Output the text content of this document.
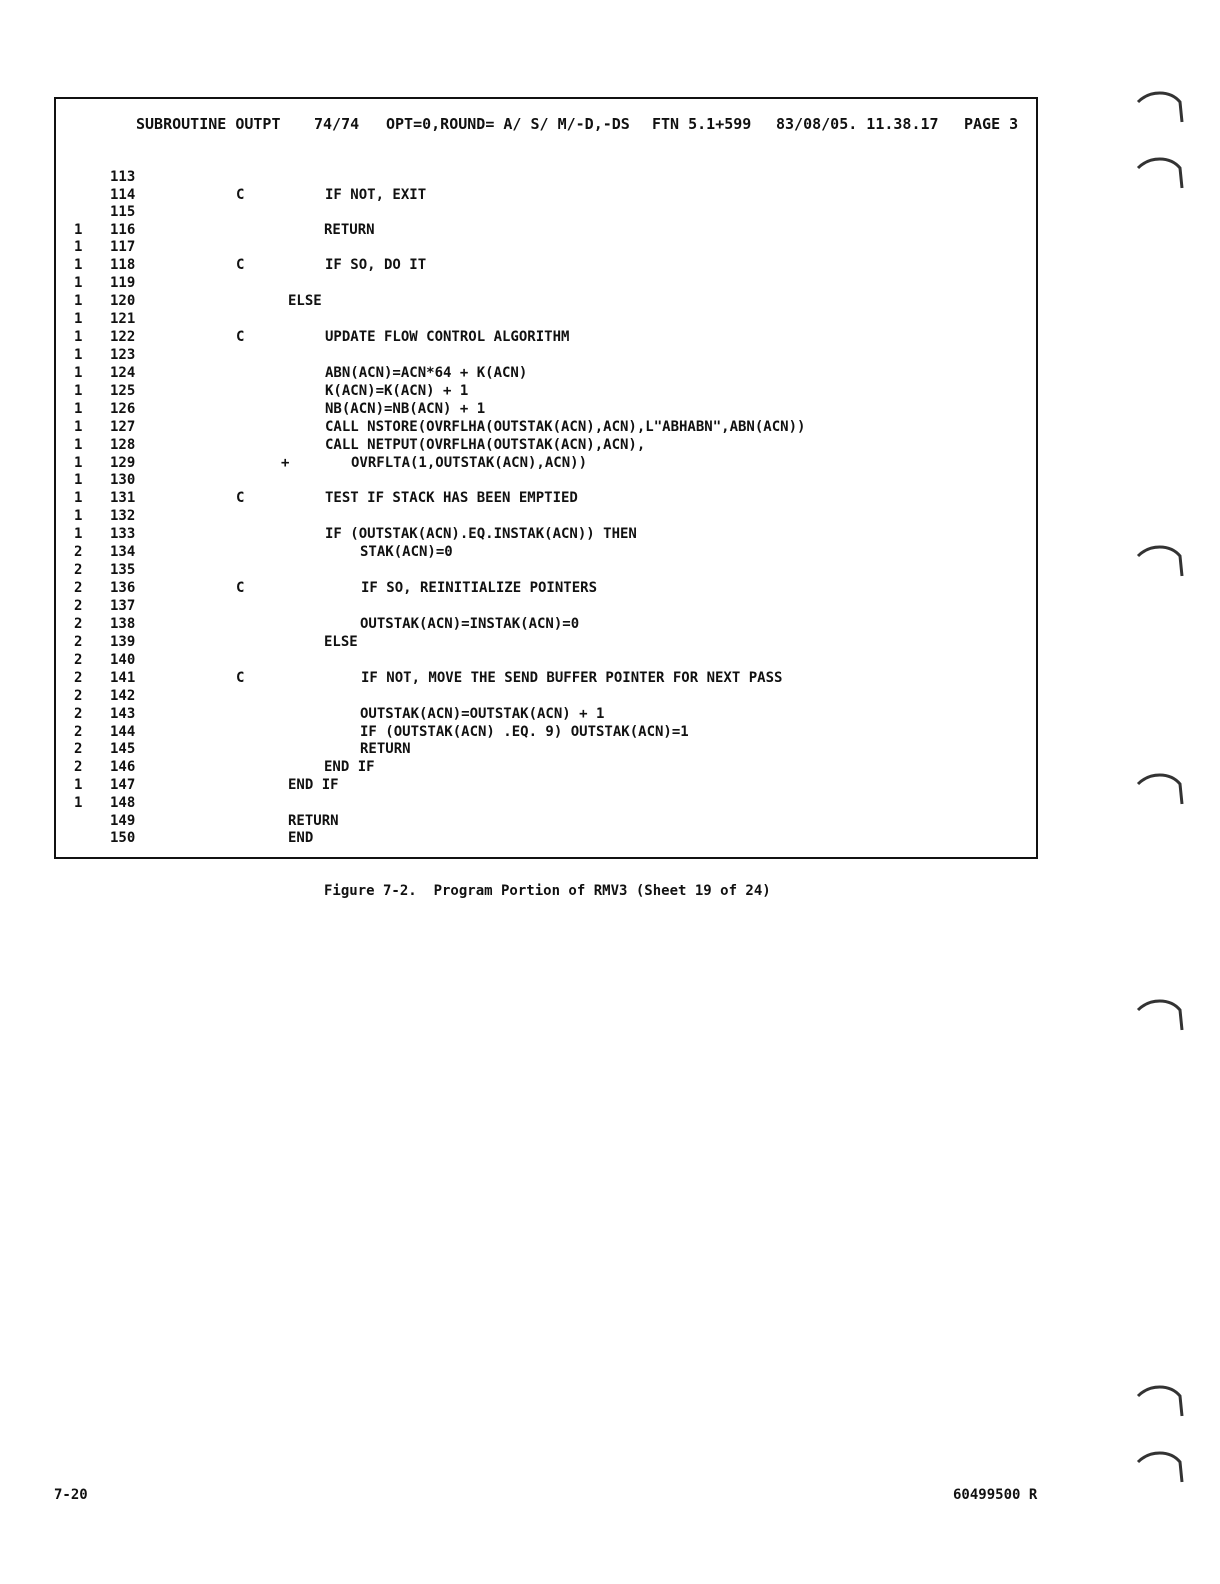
SUBROUTINE OUTPT 74/74 OPT=0,ROUND= A/ S/ M/-D,-DS FTN 5.1+599 83/08/05. 11.38.17 PAGE 3
113
114	C	IF NOT, EXIT
115
1 116	RETURN
1 117
1 118	C	IF SO, DO IT
1 119
1 120	ELSE
1 121
1 122	C	UPDATE FLOW CONTROL ALGORITHM
1 123
1 124	ABN(ACN)=ACN*64 + K(ACN)
1 125	K(ACN)=K(ACN) + 1
1 126	NB(ACN)=NB(ACN) + 1
1 127	CALL NSTORE(OVRFLHA(OUTSTAK(ACN),ACN),L"ABHABN",ABN(ACN))
1 128	CALL NETPUT(OVRFLHA(OUTSTAK(ACN),ACN),
1 129	+	OVRFLTA(1,OUTSTAK(ACN),ACN))
1 130
1 131	C	TEST IF STACK HAS BEEN EMPTIED
1 132
1 133	IF (OUTSTAK(ACN).EQ.INSTAK(ACN)) THEN
2 134	STAK(ACN)=0
2 135
2 136	C	IF SO, REINITIALIZE POINTERS
2 137
2 138	OUTSTAK(ACN)=INSTAK(ACN)=0
2 139	ELSE
2 140
2 141	C	IF NOT, MOVE THE SEND BUFFER POINTER FOR NEXT PASS
2 142
2 143	OUTSTAK(ACN)=OUTSTAK(ACN) + 1
2 144	IF (OUTSTAK(ACN) .EQ. 9) OUTSTAK(ACN)=1
2 145	RETURN
2 146	END IF
1 147	END IF
1 148
149	RETURN
150	END
Figure 7-2.  Program Portion of RMV3 (Sheet 19 of 24)
7-20	60499500 R
